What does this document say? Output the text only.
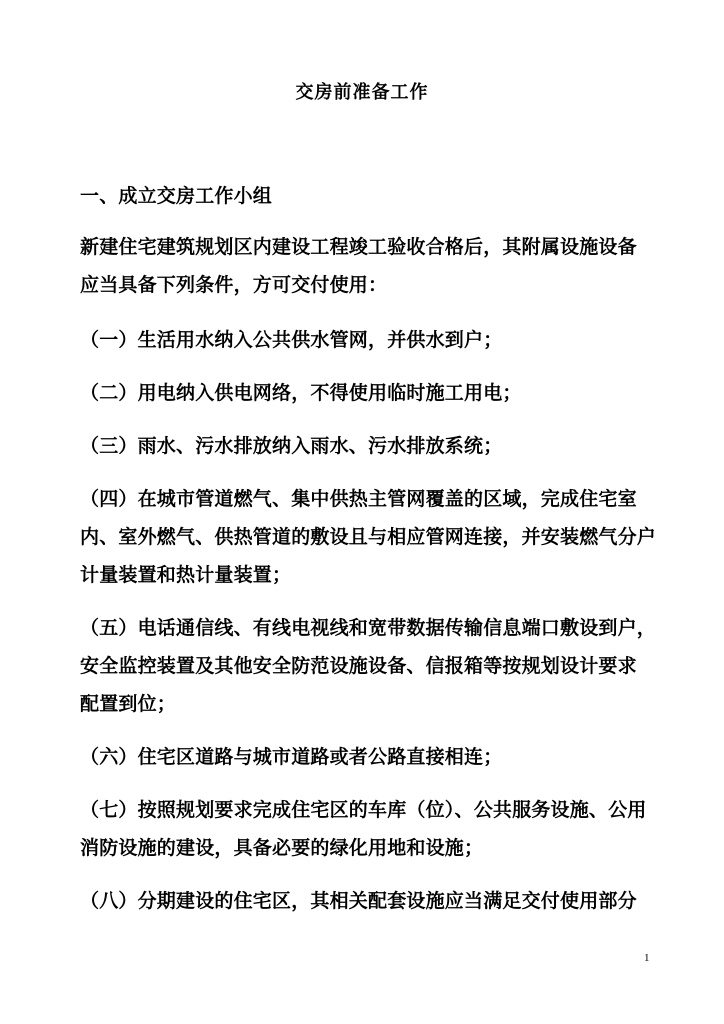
交房前准备工作
一、成立交房工作小组
新建住宅建筑规划区内建设工程竣工验收合格后，其附属设施设备
应当具备下列条件，方可交付使用：
（一）生活用水纳入公共供水管网，并供水到户；
（二）用电纳入供电网络，不得使用临时施工用电；
（三）雨水、污水排放纳入雨水、污水排放系统；
（四）在城市管道燃气、集中供热主管网覆盖的区域，完成住宅室
内、室外燃气、供热管道的敷设且与相应管网连接，并安装燃气分户
计量装置和热计量装置；
（五）电话通信线、有线电视线和宽带数据传输信息端口敷设到户，
安全监控装置及其他安全防范设施设备、信报箱等按规划设计要求
配置到位；
（六）住宅区道路与城市道路或者公路直接相连；
（七）按照规划要求完成住宅区的车库（位）、公共服务设施、公用
消防设施的建设，具备必要的绿化用地和设施；
（八）分期建设的住宅区，其相关配套设施应当满足交付使用部分
1
